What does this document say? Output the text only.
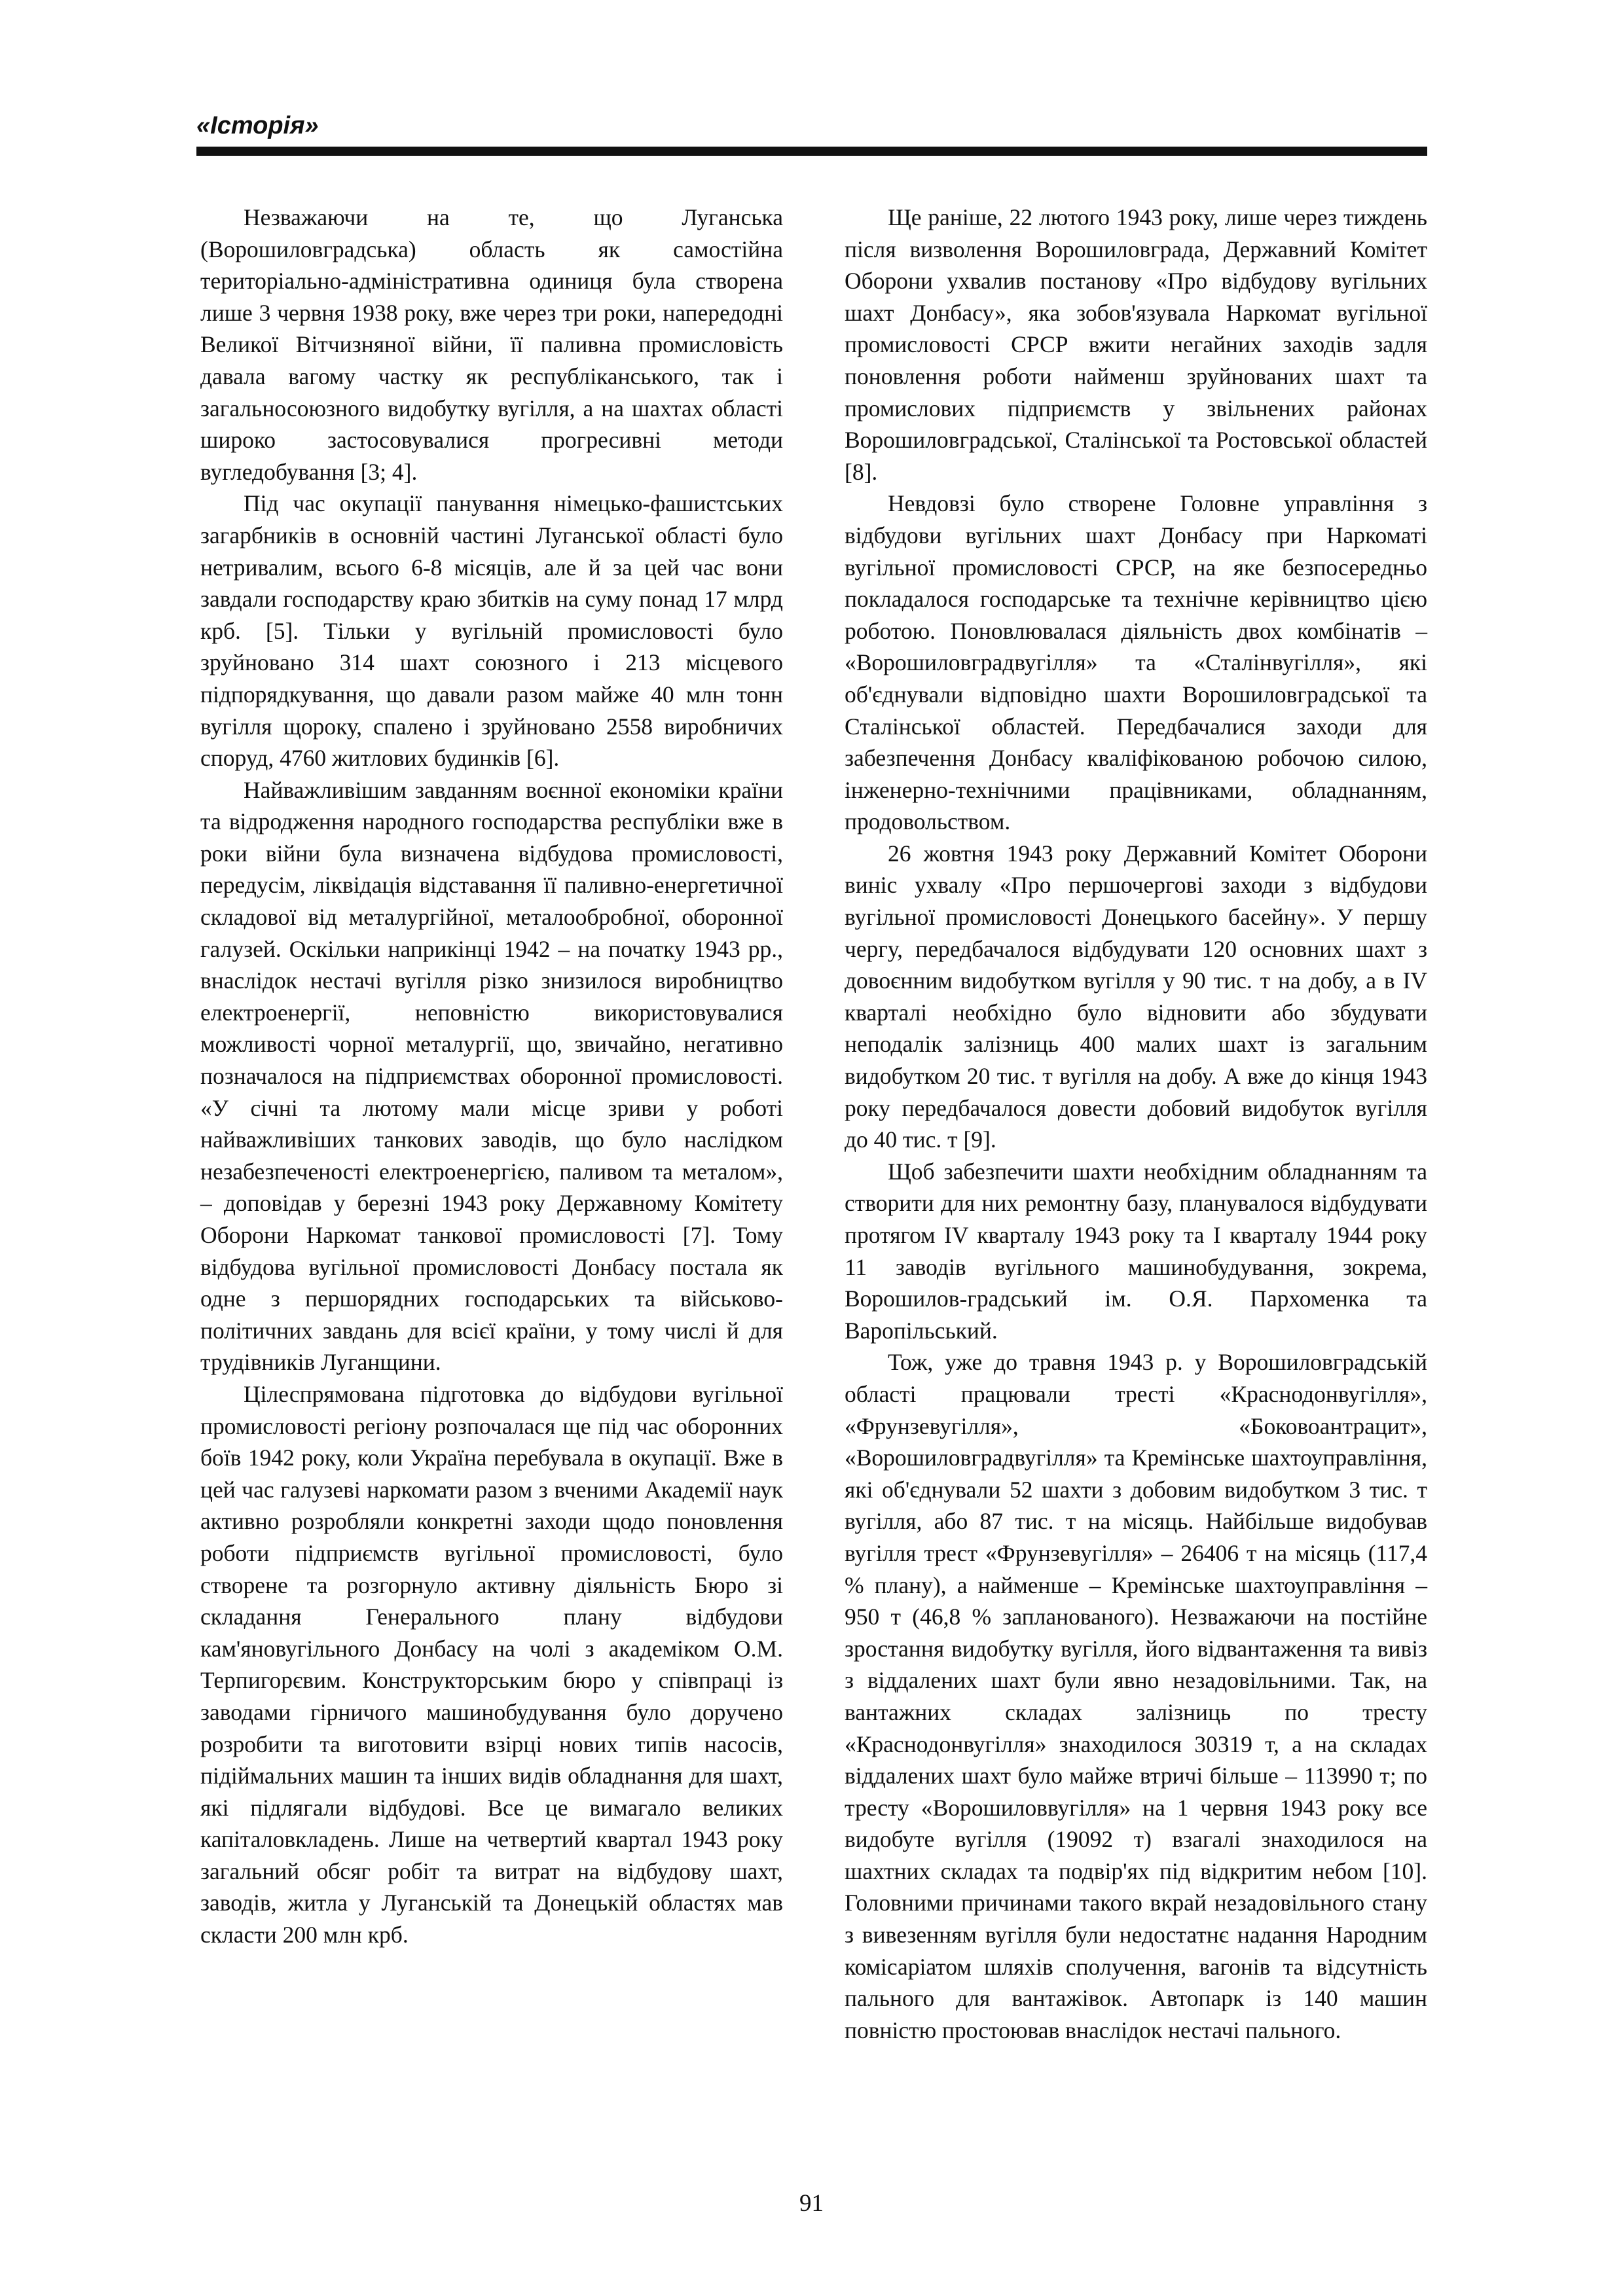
«Історія»

Незважаючи на те, що Луганська (Ворошиловградська) область як самостійна територіально-адміністративна одиниця була створена лише 3 червня 1938 року, вже через три роки, напередодні Великої Вітчизняної війни, її паливна промисловість давала вагому частку як республіканського, так і загальносоюзного видобутку вугілля, а на шахтах області широко застосовувалися прогресивні методи вугледобування [3; 4].

Під час окупації панування німецько-фашистських загарбників в основній частині Луганської області було нетривалим, всього 6-8 місяців, але й за цей час вони завдали господарству краю збитків на суму понад 17 млрд крб. [5]. Тільки у вугільній промисловості було зруйновано 314 шахт союзного і 213 місцевого підпорядкування, що давали разом майже 40 млн тонн вугілля щороку, спалено і зруйновано 2558 виробничих споруд, 4760 житлових будинків [6].

Найважливішим завданням воєнної економіки країни та відродження народного господарства республіки вже в роки війни була визначена відбудова промисловості, передусім, ліквідація відставання її паливно-енергетичної складової від металургійної, металообробної, оборонної галузей. Оскільки наприкінці 1942 – на початку 1943 рр., внаслідок нестачі вугілля різко знизилося виробництво електроенергії, неповністю використовувалися можливості чорної металургії, що, звичайно, негативно позначалося на підприємствах оборонної промисловості. «У січні та лютому мали місце зриви у роботі найважливіших танкових заводів, що було наслідком незабезпеченості електроенергією, паливом та металом», – доповідав у березні 1943 року Державному Комітету Оборони Наркомат танкової промисловості [7]. Тому відбудова вугільної промисловості Донбасу постала як одне з першорядних господарських та військово-політичних завдань для всієї країни, у тому числі й для трудівників Луганщини.

Цілеспрямована підготовка до відбудови вугільної промисловості регіону розпочалася ще під час оборонних боїв 1942 року, коли Україна перебувала в окупації. Вже в цей час галузеві наркомати разом з вченими Академії наук активно розробляли конкретні заходи щодо поновлення роботи підприємств вугільної промисловості, було створене та розгорнуло активну діяльність Бюро зі складання Генерального плану відбудови кам'яновугільного Донбасу на чолі з академіком О.М. Терпигорєвим. Конструкторським бюро у співпраці із заводами гірничого машинобудування було доручено розробити та виготовити взірці нових типів насосів, підіймальних машин та інших видів обладнання для шахт, які підлягали відбудові. Все це вимагало великих капіталовкладень. Лише на четвертий квартал 1943 року загальний обсяг робіт та витрат на відбудову шахт, заводів, житла у Луганській та Донецькій областях мав скласти 200 млн крб.

Ще раніше, 22 лютого 1943 року, лише через тиждень після визволення Ворошиловграда, Державний Комітет Оборони ухвалив постанову «Про відбудову вугільних шахт Донбасу», яка зобов'язувала Наркомат вугільної промисловості СРСР вжити негайних заходів задля поновлення роботи найменш зруйнованих шахт та промислових підприємств у звільнених районах Ворошиловградської, Сталінської та Ростовської областей [8].

Невдовзі було створене Головне управління з відбудови вугільних шахт Донбасу при Наркоматі вугільної промисловості СРСР, на яке безпосередньо покладалося господарське та технічне керівництво цією роботою. Поновлювалася діяльність двох комбінатів – «Ворошиловградвугілля» та «Сталінвугілля», які об'єднували відповідно шахти Ворошиловградської та Сталінської областей. Передбачалися заходи для забезпечення Донбасу кваліфікованою робочою силою, інженерно-технічними працівниками, обладнанням, продовольством.

26 жовтня 1943 року Державний Комітет Оборони виніс ухвалу «Про першочергові заходи з відбудови вугільної промисловості Донецького басейну». У першу чергу, передбачалося відбудувати 120 основних шахт з довоєнним видобутком вугілля у 90 тис. т на добу, а в IV кварталі необхідно було відновити або збудувати неподалік залізниць 400 малих шахт із загальним видобутком 20 тис. т вугілля на добу. А вже до кінця 1943 року передбачалося довести добовий видобуток вугілля до 40 тис. т [9].

Щоб забезпечити шахти необхідним обладнанням та створити для них ремонтну базу, планувалося відбудувати протягом IV кварталу 1943 року та I кварталу 1944 року 11 заводів вугільного машинобудування, зокрема, Ворошилов-градський ім. О.Я. Пархоменка та Варопільський.

Тож, уже до травня 1943 р. у Ворошиловградській області працювали тресті «Краснодонвугілля», «Фрунзевугілля», «Боковоантрацит», «Ворошиловградвугілля» та Кремінське шахтоуправління, які об'єднували 52 шахти з добовим видобутком 3 тис. т вугілля, або 87 тис. т на місяць. Найбільше видобував вугілля трест «Фрунзевугілля» – 26406 т на місяць (117,4 % плану), а найменше – Кремінське шахтоуправління – 950 т (46,8 % запланованого). Незважаючи на постійне зростання видобутку вугілля, його відвантаження та вивіз з віддалених шахт були явно незадовільними. Так, на вантажних складах залізниць по тресту «Краснодонвугілля» знаходилося 30319 т, а на складах віддалених шахт було майже втричі більше – 113990 т; по тресту «Ворошиловвугілля» на 1 червня 1943 року все видобуте вугілля (19092 т) взагалі знаходилося на шахтних складах та подвір'ях під відкритим небом [10]. Головними причинами такого вкрай незадовільного стану з вивезенням вугілля були недостатнє надання Народним комісаріатом шляхів сполучення, вагонів та відсутність пального для вантажівок. Автопарк із 140 машин повністю простоював внаслідок нестачі пального.

91
